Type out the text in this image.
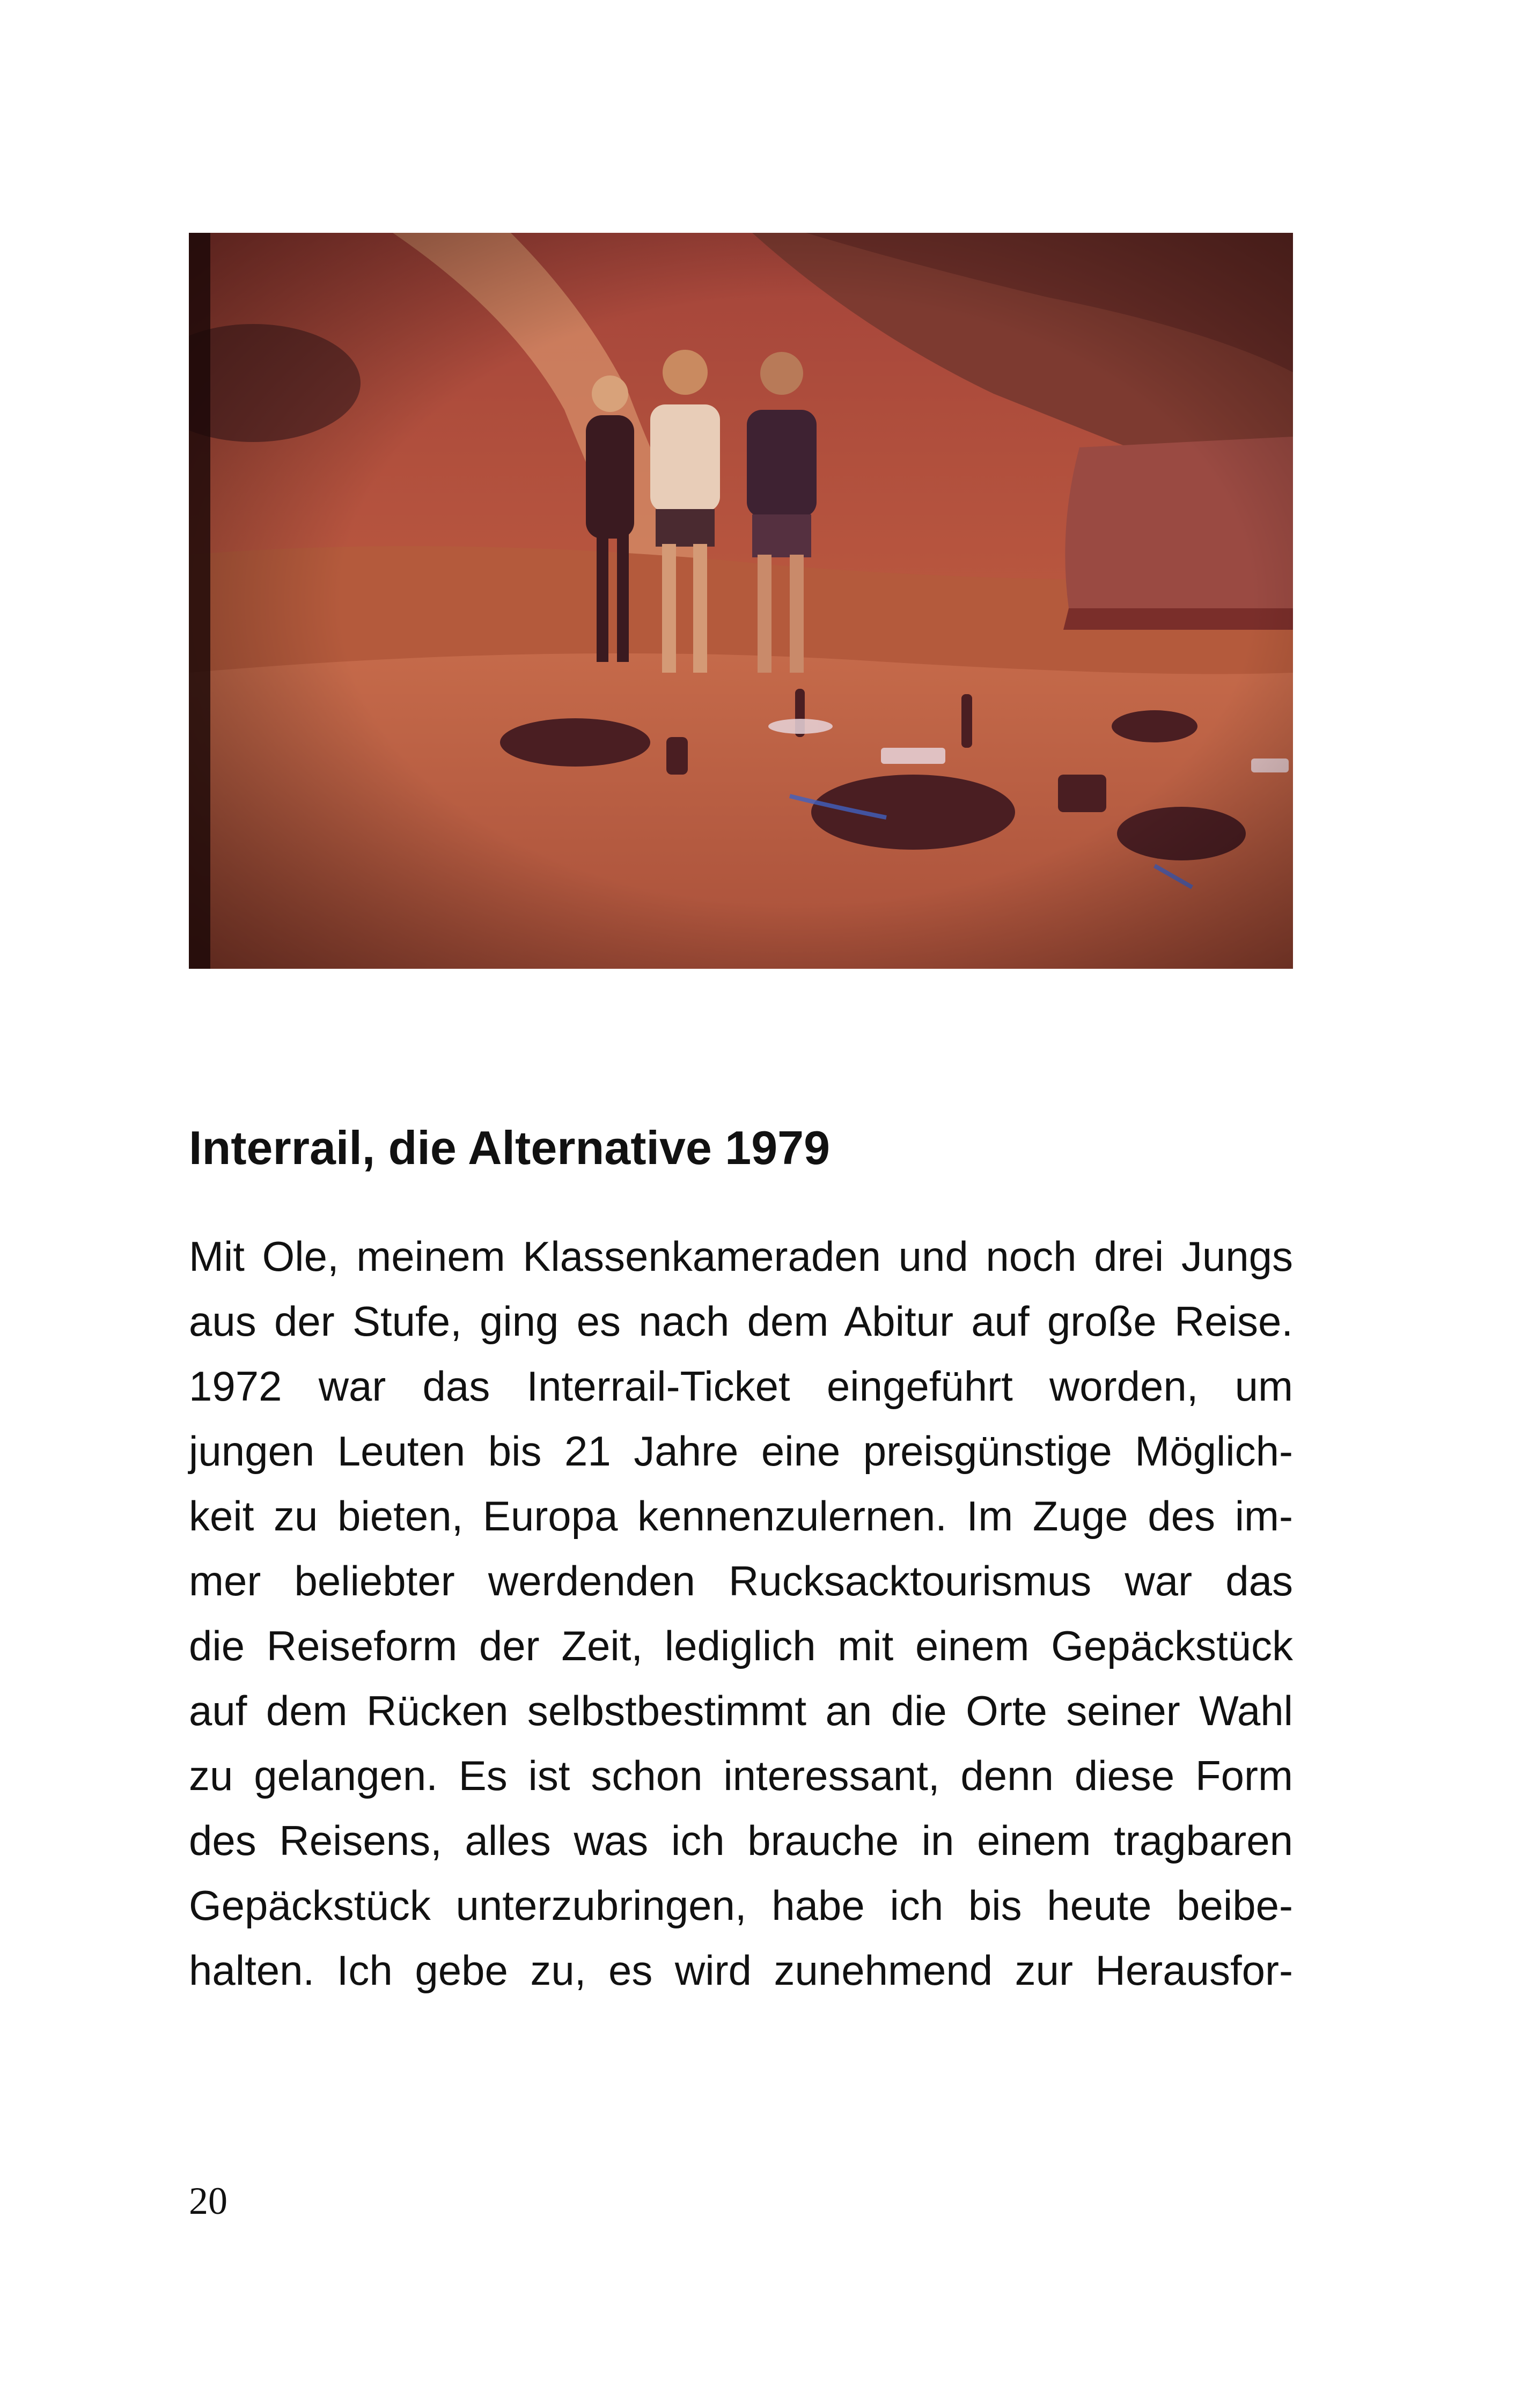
Interrail, die Alternative 1979
Mit Ole, meinem Klassenkameraden und noch drei Jungs
aus der Stufe, ging es nach dem Abitur auf große Reise.
1972 war das Interrail-Ticket eingeführt worden, um
jungen Leuten bis 21 Jahre eine preisgünstige Möglich-
keit zu bieten, Europa kennenzulernen. Im Zuge des im-
mer beliebter werdenden Rucksacktourismus war das
die Reiseform der Zeit, lediglich mit einem Gepäckstück
auf dem Rücken selbstbestimmt an die Orte seiner Wahl
zu gelangen. Es ist schon interessant, denn diese Form
des Reisens, alles was ich brauche in einem tragbaren
Gepäckstück unterzubringen, habe ich bis heute beibe-
halten. Ich gebe zu, es wird zunehmend zur Herausfor-
20
